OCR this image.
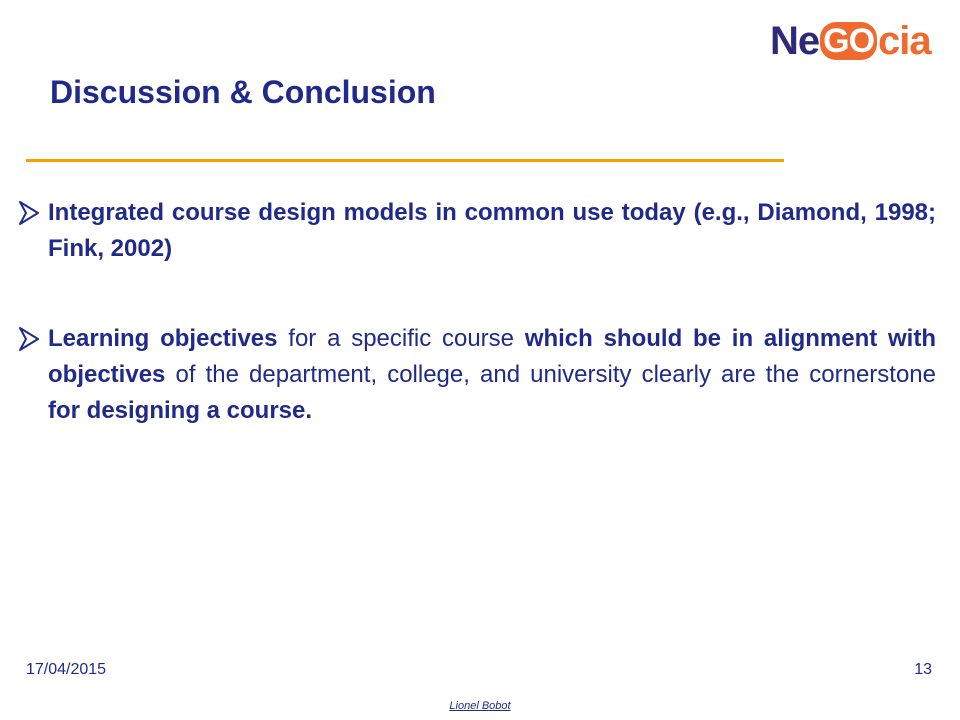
Ne GO cia
Discussion & Conclusion
Integrated course design models in common use today (e.g., Diamond, 1998; Fink, 2002)
Learning objectives for a specific course which should be in alignment with objectives of the department, college, and university clearly are the cornerstone for designing a course.
17/04/2015	13
Lionel Bobot
